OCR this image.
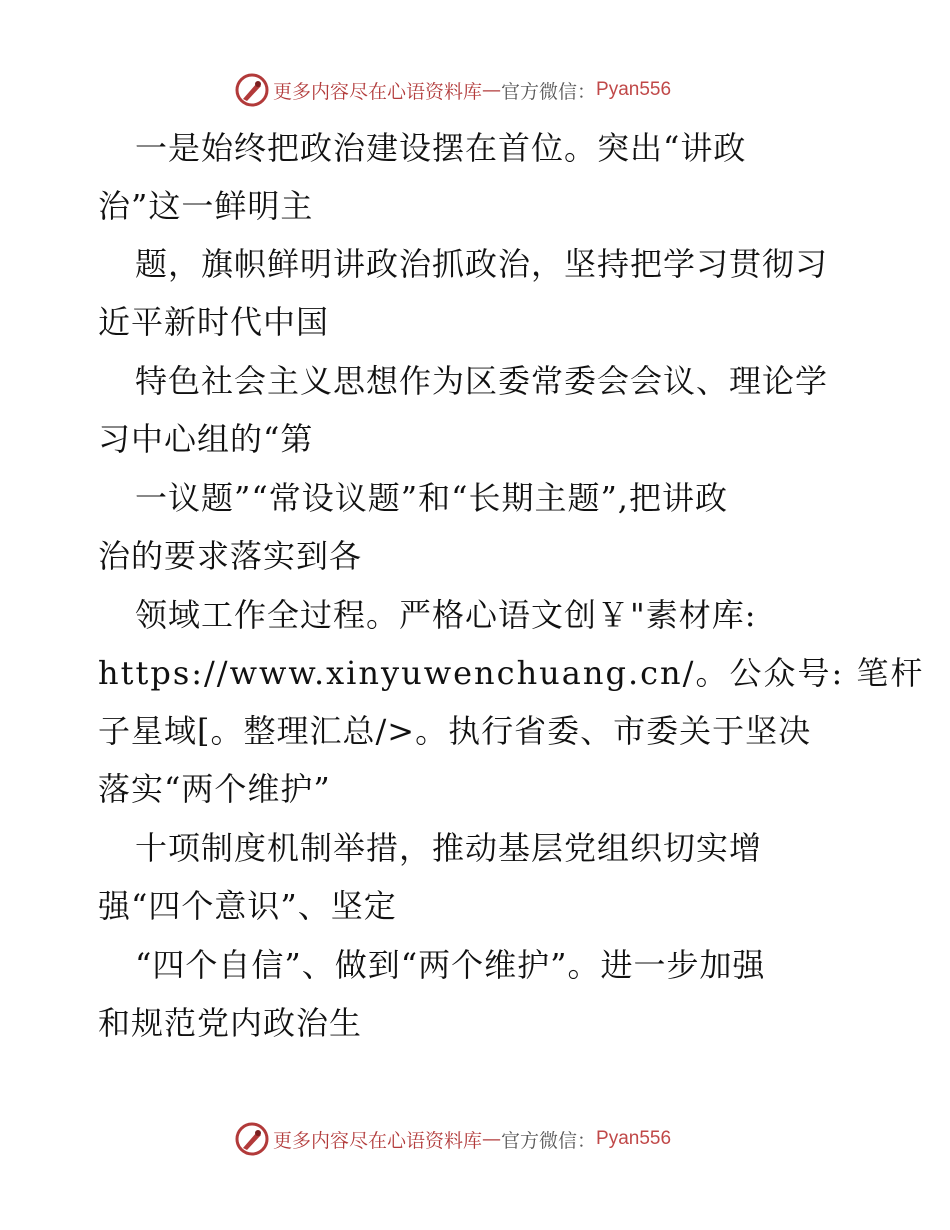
更多内容尽在心语资料库 — 官方微信： Pyan556
一是始终把政治建设摆在首位。突出“讲政
治”这一鲜明主
题，旗帜鲜明讲政治抓政治，坚持把学习贯彻习
近平新时代中国
特色社会主义思想作为区委常委会会议、理论学
习中心组的“第
一议题”“常设议题”和“长期主题”,把讲政
治的要求落实到各
领域工作全过程。严格心语文创￥"素材库:
https://www.xinyuwenchuang.cn/。公众号: 笔杆
子星域[。整理汇总/>。执行省委、市委关于坚决
落实“两个维护”
十项制度机制举措，推动基层党组织切实增
强“四个意识”、坚定
“四个自信”、做到“两个维护”。进一步加强
和规范党内政治生
更多内容尽在心语资料库 — 官方微信： Pyan556
